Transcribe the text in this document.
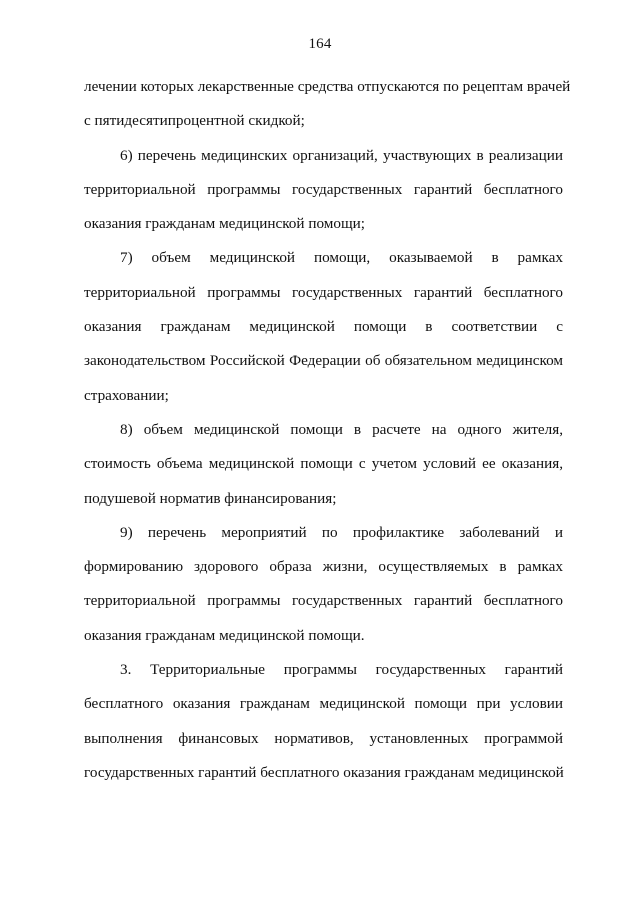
164
лечении которых лекарственные средства отпускаются по рецептам врачей
с пятидесятипроцентной скидкой;
6) перечень медицинских организаций, участвующих в реализации
территориальной программы государственных гарантий бесплатного
оказания гражданам медицинской помощи;
7) объем медицинской помощи, оказываемой в рамках
территориальной программы государственных гарантий бесплатного
оказания гражданам медицинской помощи в соответствии с
законодательством Российской Федерации об обязательном медицинском
страховании;
8) объем медицинской помощи в расчете на одного жителя,
стоимость объема медицинской помощи с учетом условий ее оказания,
подушевой норматив финансирования;
9) перечень мероприятий по профилактике заболеваний и
формированию здорового образа жизни, осуществляемых в рамках
территориальной программы государственных гарантий бесплатного
оказания гражданам медицинской помощи.
3. Территориальные программы государственных гарантий
бесплатного оказания гражданам медицинской помощи при условии
выполнения финансовых нормативов, установленных программой
государственных гарантий бесплатного оказания гражданам медицинской
